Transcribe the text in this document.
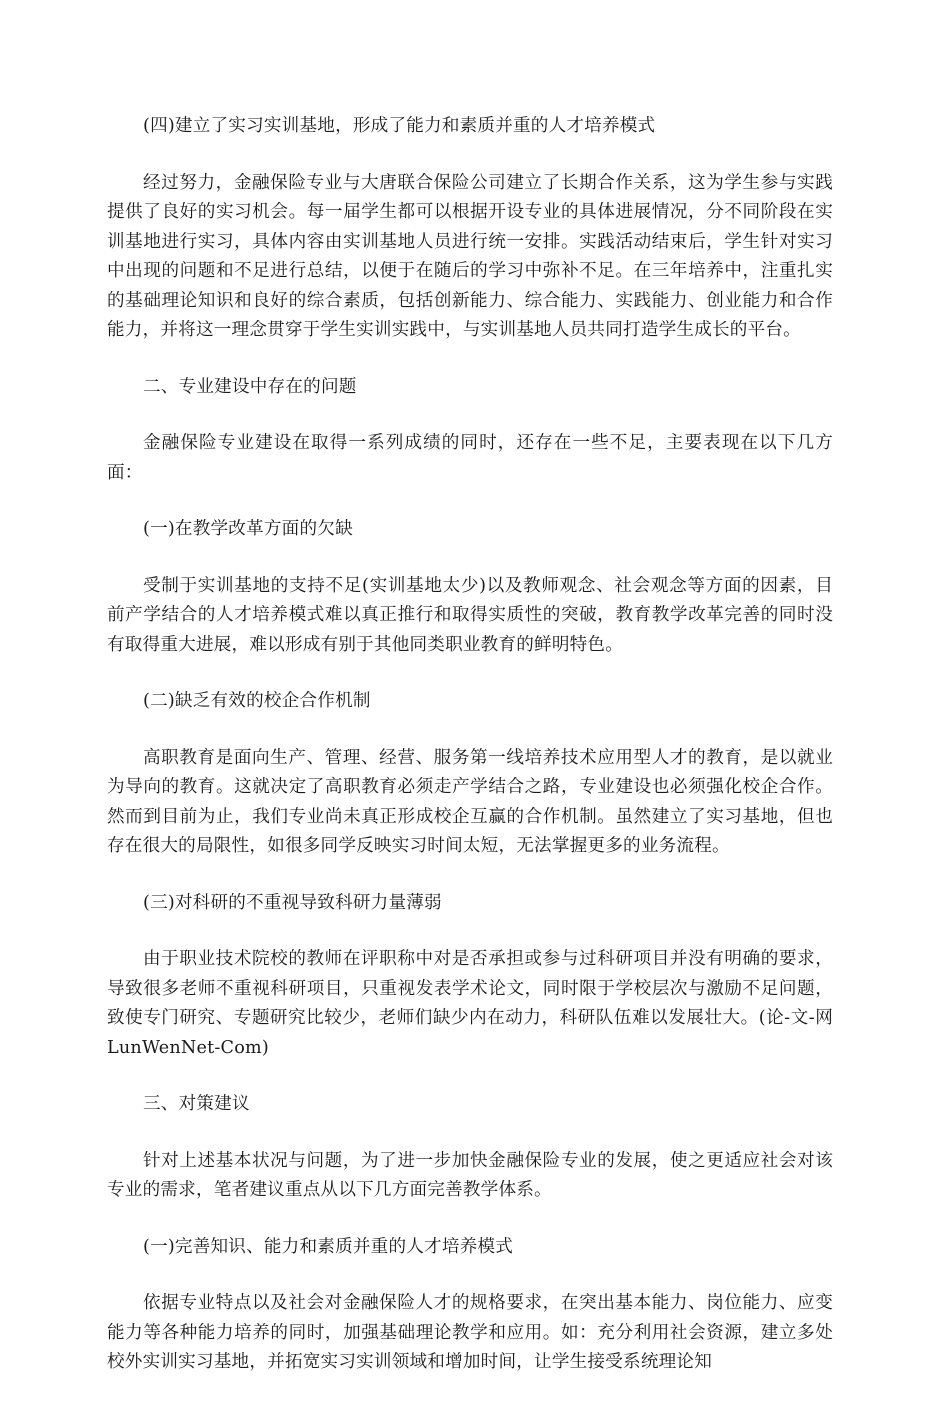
(四)建立了实习实训基地，形成了能力和素质并重的人才培养模式

经过努力，金融保险专业与大唐联合保险公司建立了长期合作关系，这为学生参与实践提供了良好的实习机会。每一届学生都可以根据开设专业的具体进展情况，分不同阶段在实训基地进行实习，具体内容由实训基地人员进行统一安排。实践活动结束后，学生针对实习中出现的问题和不足进行总结，以便于在随后的学习中弥补不足。在三年培养中，注重扎实的基础理论知识和良好的综合素质，包括创新能力、综合能力、实践能力、创业能力和合作能力，并将这一理念贯穿于学生实训实践中，与实训基地人员共同打造学生成长的平台。

二、专业建设中存在的问题

金融保险专业建设在取得一系列成绩的同时，还存在一些不足，主要表现在以下几方面：

(一)在教学改革方面的欠缺

受制于实训基地的支持不足(实训基地太少)以及教师观念、社会观念等方面的因素，目前产学结合的人才培养模式难以真正推行和取得实质性的突破，教育教学改革完善的同时没有取得重大进展，难以形成有别于其他同类职业教育的鲜明特色。

(二)缺乏有效的校企合作机制

高职教育是面向生产、管理、经营、服务第一线培养技术应用型人才的教育，是以就业为导向的教育。这就决定了高职教育必须走产学结合之路，专业建设也必须强化校企合作。然而到目前为止，我们专业尚未真正形成校企互赢的合作机制。虽然建立了实习基地，但也存在很大的局限性，如很多同学反映实习时间太短，无法掌握更多的业务流程。

(三)对科研的不重视导致科研力量薄弱

由于职业技术院校的教师在评职称中对是否承担或参与过科研项目并没有明确的要求，导致很多老师不重视科研项目，只重视发表学术论文，同时限于学校层次与激励不足问题，致使专门研究、专题研究比较少，老师们缺少内在动力，科研队伍难以发展壮大。(论-文-网 LunWenNet-Com)

三、对策建议

针对上述基本状况与问题，为了进一步加快金融保险专业的发展，使之更适应社会对该专业的需求，笔者建议重点从以下几方面完善教学体系。

(一)完善知识、能力和素质并重的人才培养模式

依据专业特点以及社会对金融保险人才的规格要求，在突出基本能力、岗位能力、应变能力等各种能力培养的同时，加强基础理论教学和应用。如：充分利用社会资源，建立多处校外实训实习基地，并拓宽实习实训领域和增加时间，让学生接受系统理论知
